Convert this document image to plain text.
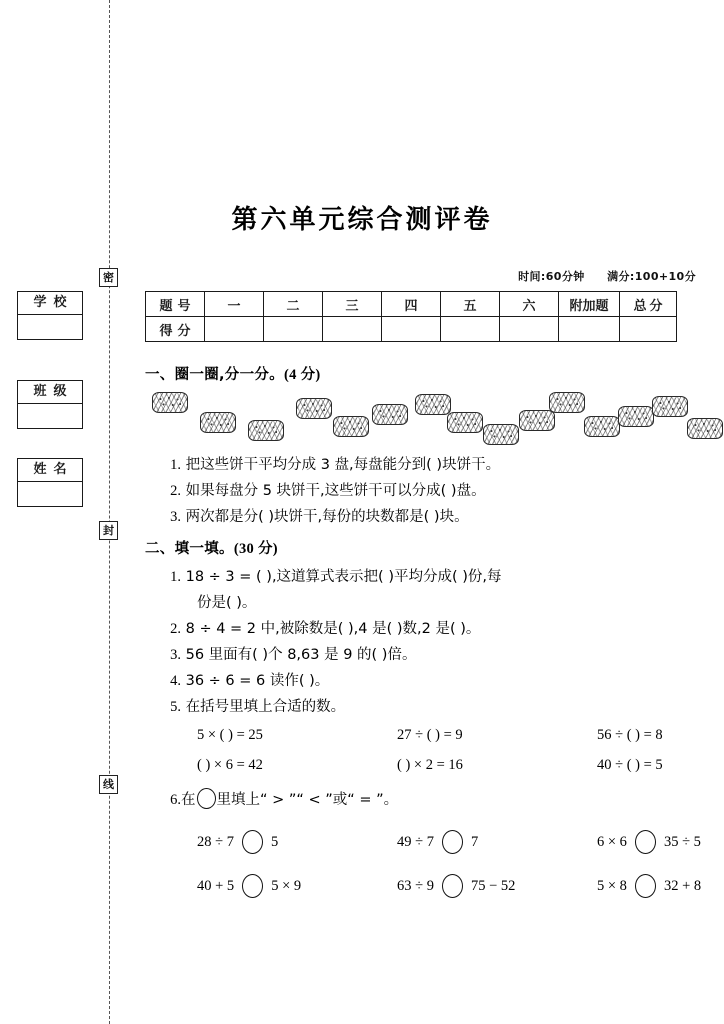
密
封
线
学校
班级
姓名
第六单元综合测评卷
时间:60分钟 满分:100+10分
题号	一	二	三	四	五	六	附加题	总分
得分								
一、圈一圈,分一分。(4 分)
1. 把这些饼干平均分成 3 盘,每盘能分到( )块饼干。
2. 如果每盘分 5 块饼干,这些饼干可以分成( )盘。
3. 两次都是分( )块饼干,每份的块数都是( )块。
二、填一填。(30 分)
1. 18 ÷ 3 = ( ),这道算式表示把( )平均分成( )份,每
份是( )。
2. 8 ÷ 4 = 2 中,被除数是( ),4 是( )数,2 是( )。
3. 56 里面有( )个 8,63 是 9 的( )倍。
4. 36 ÷ 6 = 6 读作( )。
5. 在括号里填上合适的数。
5 × ( ) = 25	27 ÷ ( ) = 9	56 ÷ ( ) = 8
( ) × 6 = 42	( ) × 2 = 16	40 ÷ ( ) = 5
6.在 里填上“ > ”“ < ”或“ = ”。
28 ÷ 7	5	49 ÷ 7	7	6 × 6	35 ÷ 5
40 + 5	5 × 9	63 ÷ 9	75 − 52	5 × 8	32 + 8
